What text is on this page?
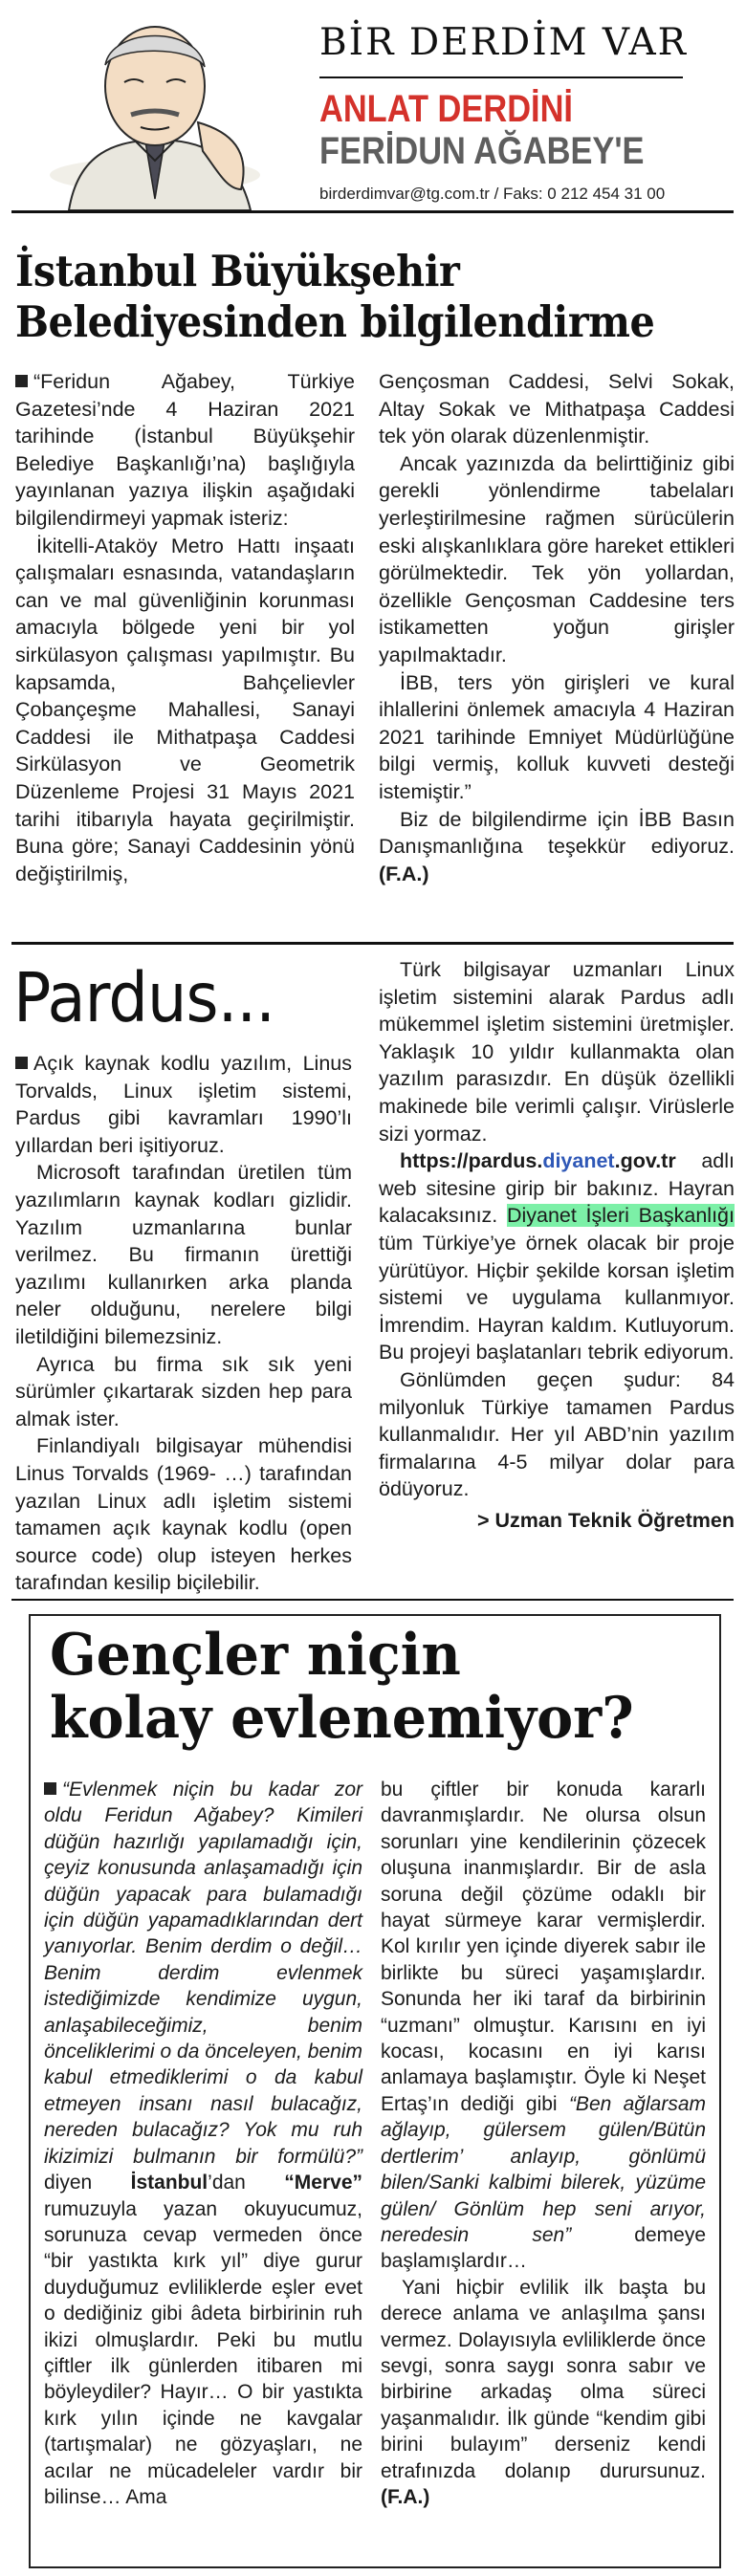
BİR DERDİM VAR
ANLAT DERDİNİ
FERİDUN AĞABEY'E
birderdimvar@tg.com.tr / Faks: 0 212 454 31 00
İstanbul Büyükşehir
Belediyesinden bilgilendirme

“Feridun Ağabey, Türkiye Gazetesi’nde 4 Haziran 2021 tarihinde (İstanbul Büyükşehir Belediye Başkanlığı’na) başlığıyla yayınlanan yazıya ilişkin aşağıdaki bilgilendirmeyi yapmak isteriz:

İkitelli-Ataköy Metro Hattı inşaatı çalışmaları esnasında, vatandaşların can ve mal güvenliğinin korunması amacıyla bölgede yeni bir yol sirkülasyon çalışması yapılmıştır. Bu kapsamda, Bahçelievler Çobançeşme Mahallesi, Sanayi Caddesi ile Mithatpaşa Caddesi Sirkülasyon ve Geometrik Düzenleme Projesi 31 Mayıs 2021 tarihi itibarıyla hayata geçirilmiştir. Buna göre; Sanayi Caddesinin yönü değiştirilmiş,

Gençosman Caddesi, Selvi Sokak, Altay Sokak ve Mithatpaşa Caddesi tek yön olarak düzenlenmiştir.

Ancak yazınızda da belirttiğiniz gibi gerekli yönlendirme tabelaları yerleştirilmesine rağmen sürücülerin eski alışkanlıklara göre hareket ettikleri görülmektedir. Tek yön yollardan, özellikle Gençosman Caddesine ters istikametten yoğun girişler yapılmaktadır.

İBB, ters yön girişleri ve kural ihlallerini önlemek amacıyla 4 Haziran 2021 tarihinde Emniyet Müdürlüğüne bilgi vermiş, kolluk kuvveti desteği istemiştir.”

Biz de bilgilendirme için İBB Basın Danışmanlığına teşekkür ediyoruz. (F.A.)

Pardus...

Açık kaynak kodlu yazılım, Linus Torvalds, Linux işletim sistemi, Pardus gibi kavramları 1990’lı yıllardan beri işitiyoruz.

Microsoft tarafından üretilen tüm yazılımların kaynak kodları gizlidir. Yazılım uzmanlarına bunlar verilmez. Bu firmanın ürettiği yazılımı kullanırken arka planda neler olduğunu, nerelere bilgi iletildiğini bilemezsiniz.

Ayrıca bu firma sık sık yeni sürümler çıkartarak sizden hep para almak ister.

Finlandiyalı bilgisayar mühendisi Linus Torvalds (1969- …) tarafından yazılan Linux adlı işletim sistemi tamamen açık kaynak kodlu (open source code) olup isteyen herkes tarafından kesilip biçilebilir.

Türk bilgisayar uzmanları Linux işletim sistemini alarak Pardus adlı mükemmel işletim sistemini üretmişler. Yaklaşık 10 yıldır kullanmakta olan yazılım parasızdır. En düşük özellikli makinede bile verimli çalışır. Virüslerle sizi yormaz.

https://pardus.diyanet.gov.tr adlı web sitesine girip bir bakınız. Hayran kalacaksınız. Diyanet İşleri Başkanlığı tüm Türkiye’ye örnek olacak bir proje yürütüyor. Hiçbir şekilde korsan işletim sistemi ve uygulama kullanmıyor. İmrendim. Hayran kaldım. Kutluyorum. Bu projeyi başlatanları tebrik ediyorum.

Gönlümden geçen şudur: 84 milyonluk Türkiye tamamen Pardus kullanmalıdır. Her yıl ABD’nin yazılım firmalarına 4-5 milyar dolar para ödüyoruz.

> Uzman Teknik Öğretmen
Gençler niçin
kolay evlenemiyor?

“Evlenmek niçin bu kadar zor oldu Feridun Ağabey? Kimileri düğün hazırlığı yapılamadığı için, çeyiz konusunda anlaşamadığı için düğün yapacak para bulamadığı için düğün yapamadıklarından dert yanıyorlar. Benim derdim o değil… Benim derdim evlenmek istediğimizde kendimize uygun, anlaşabileceğimiz, benim önceliklerimi o da önceleyen, benim kabul etmediklerimi o da kabul etmeyen insanı nasıl bulacağız, nereden bulacağız? Yok mu ruh ikizimizi bulmanın bir formülü?” diyen İstanbul’dan “Merve” rumuzuyla yazan okuyucumuz, sorunuza cevap vermeden önce “bir yastıkta kırk yıl” diye gurur duyduğumuz evliliklerde eşler evet o dediğiniz gibi âdeta birbirinin ruh ikizi olmuşlardır. Peki bu mutlu çiftler ilk günlerden itibaren mi böyleydiler? Hayır… O bir yastıkta kırk yılın içinde ne kavgalar (tartışmalar) ne gözyaşları, ne acılar ne mücadeleler vardır bir bilinse… Ama

bu çiftler bir konuda kararlı davranmışlardır. Ne olursa olsun sorunları yine kendilerinin çözecek oluşuna inanmışlardır. Bir de asla soruna değil çözüme odaklı bir hayat sürmeye karar vermişlerdir. Kol kırılır yen içinde diyerek sabır ile birlikte bu süreci yaşamışlardır. Sonunda her iki taraf da birbirinin “uzmanı” olmuştur. Karısını en iyi kocası, kocasını en iyi karısı anlamaya başlamıştır. Öyle ki Neşet Ertaş’ın dediği gibi “Ben ağlarsam ağlayıp, gülersem gülen/Bütün dertlerim’ anlayıp, gönlümü bilen/Sanki kalbimi bilerek, yüzüme gülen/ Gönlüm hep seni arıyor, neredesin sen” demeye başlamışlardır…

Yani hiçbir evlilik ilk başta bu derece anlama ve anlaşılma şansı vermez. Dolayısıyla evliliklerde önce sevgi, sonra saygı sonra sabır ve birbirine arkadaş olma süreci yaşanmalıdır. İlk günde “kendim gibi birini bulayım” derseniz kendi etrafınızda dolanıp durursunuz. (F.A.)
